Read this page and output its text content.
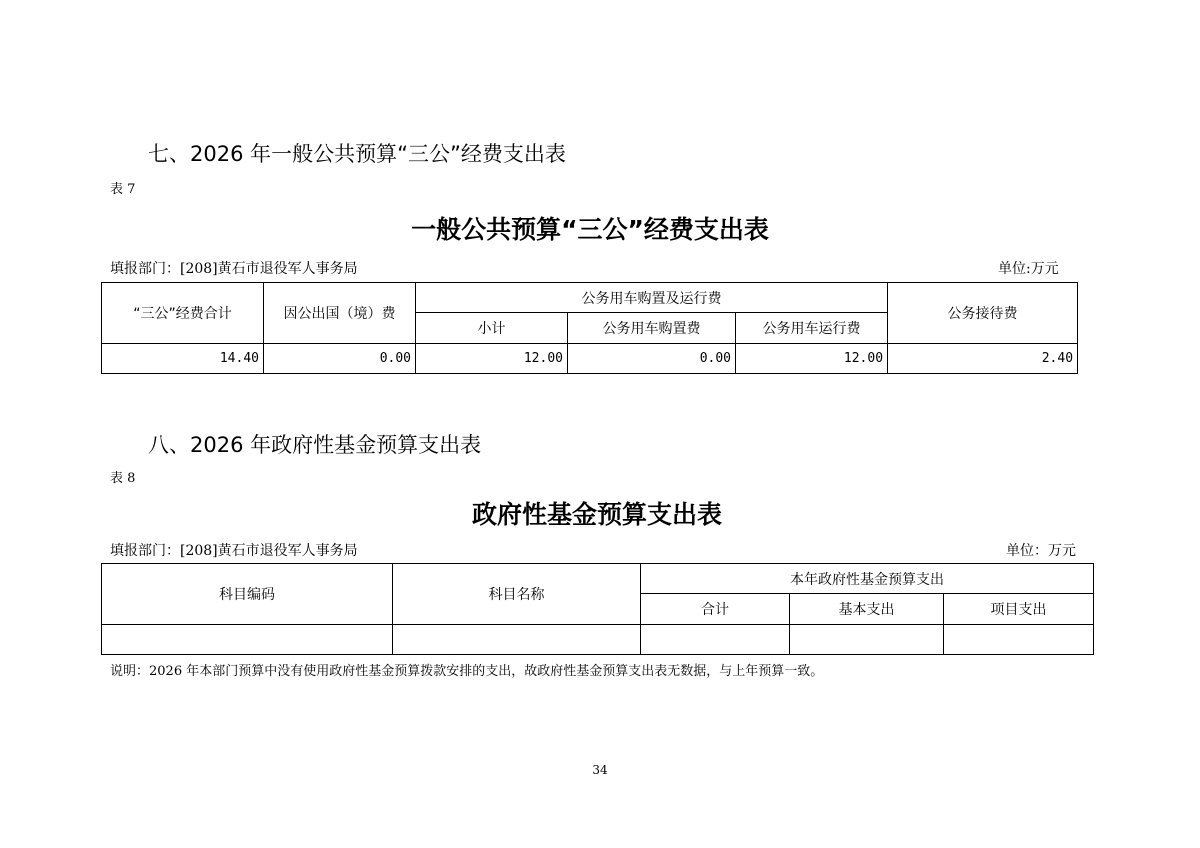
七、2026 年一般公共预算“三公”经费支出表
表 7
一般公共预算“三公”经费支出表
填报部门：[208]黄石市退役军人事务局	单位:万元
“三公”经费合计	因公出国（境）费	公务用车购置及运行费			公务接待费
		小计	公务用车购置费	公务用车运行费	
14.40	0.00	12.00	0.00	12.00	2.40
八、2026 年政府性基金预算支出表
表 8
政府性基金预算支出表
填报部门：[208]黄石市退役军人事务局	单位：万元
科目编码	科目名称	本年政府性基金预算支出		
		合计	基本支出	项目支出

说明：2026 年本部门预算中没有使用政府性基金预算拨款安排的支出，故政府性基金预算支出表无数据，与上年预算一致。
34
